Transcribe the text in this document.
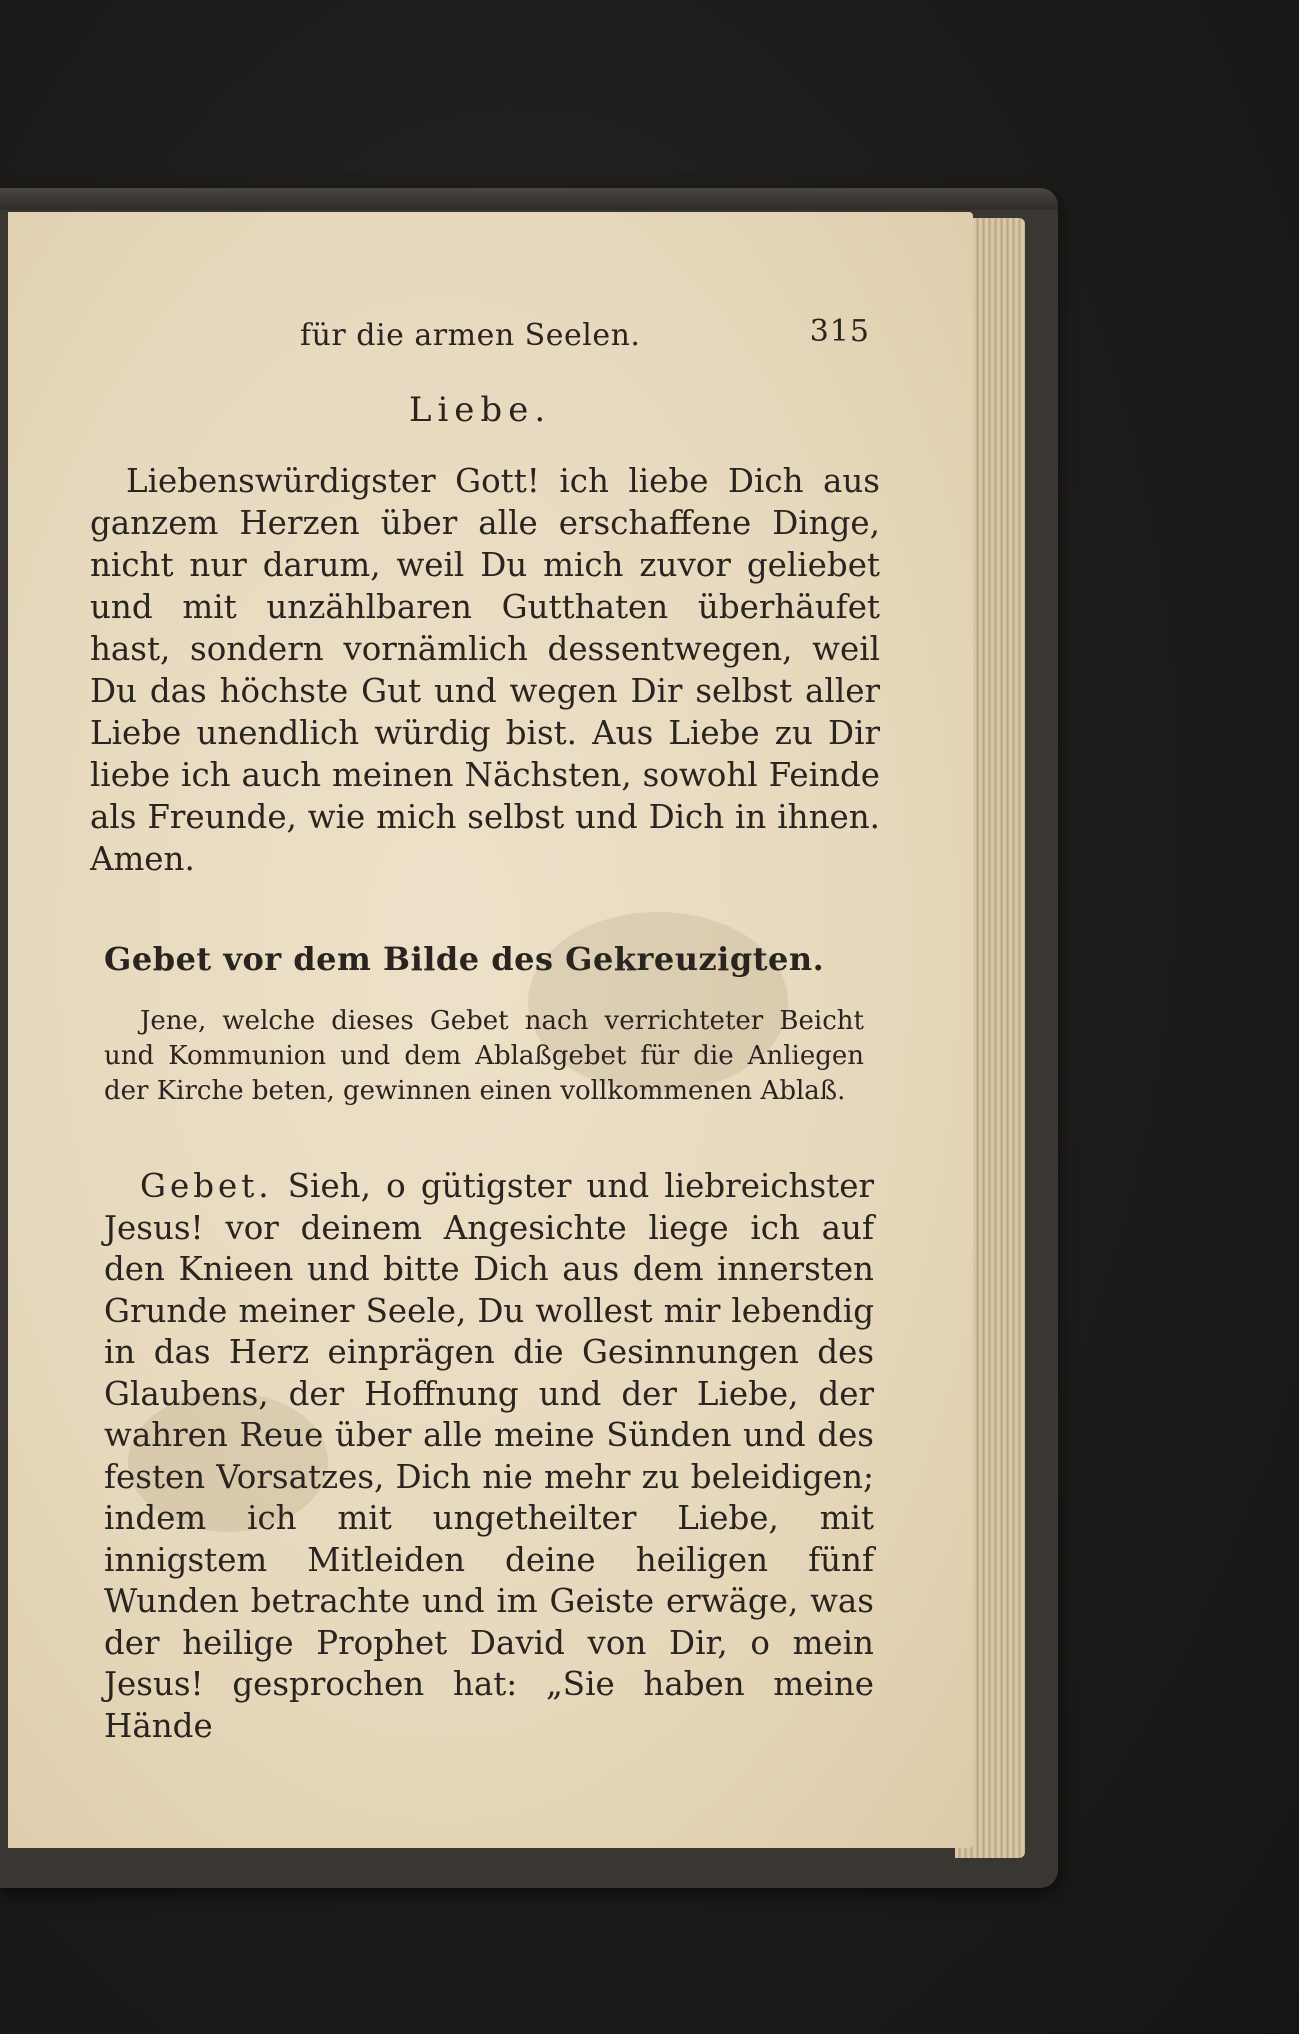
für die armen Seelen.	315
Liebe.

Liebenswürdigster Gott! ich liebe Dich aus ganzem Herzen über alle erschaffene Dinge, nicht nur darum, weil Du mich zuvor geliebet und mit unzählbaren Gutthaten überhäufet hast, sondern vornämlich dessentwegen, weil Du das höchste Gut und wegen Dir selbst aller Liebe unendlich würdig bist. Aus Liebe zu Dir liebe ich auch meinen Nächsten, sowohl Feinde als Freunde, wie mich selbst und Dich in ihnen. Amen.

Gebet vor dem Bilde des Gekreuzigten.

Jene, welche dieses Gebet nach verrichteter Beicht und Kommunion und dem Ablaßgebet für die Anliegen der Kirche beten, gewinnen einen vollkommenen Ablaß.

Gebet. Sieh, o gütigster und liebreichster Jesus! vor deinem Angesichte liege ich auf den Knieen und bitte Dich aus dem innersten Grunde meiner Seele, Du wollest mir lebendig in das Herz einprägen die Gesinnungen des Glaubens, der Hoffnung und der Liebe, der wahren Reue über alle meine Sünden und des festen Vorsatzes, Dich nie mehr zu beleidigen; indem ich mit ungetheilter Liebe, mit innigstem Mitleiden deine heiligen fünf Wunden betrachte und im Geiste erwäge, was der heilige Prophet David von Dir, o mein Jesus! gesprochen hat: „Sie haben meine Hände
